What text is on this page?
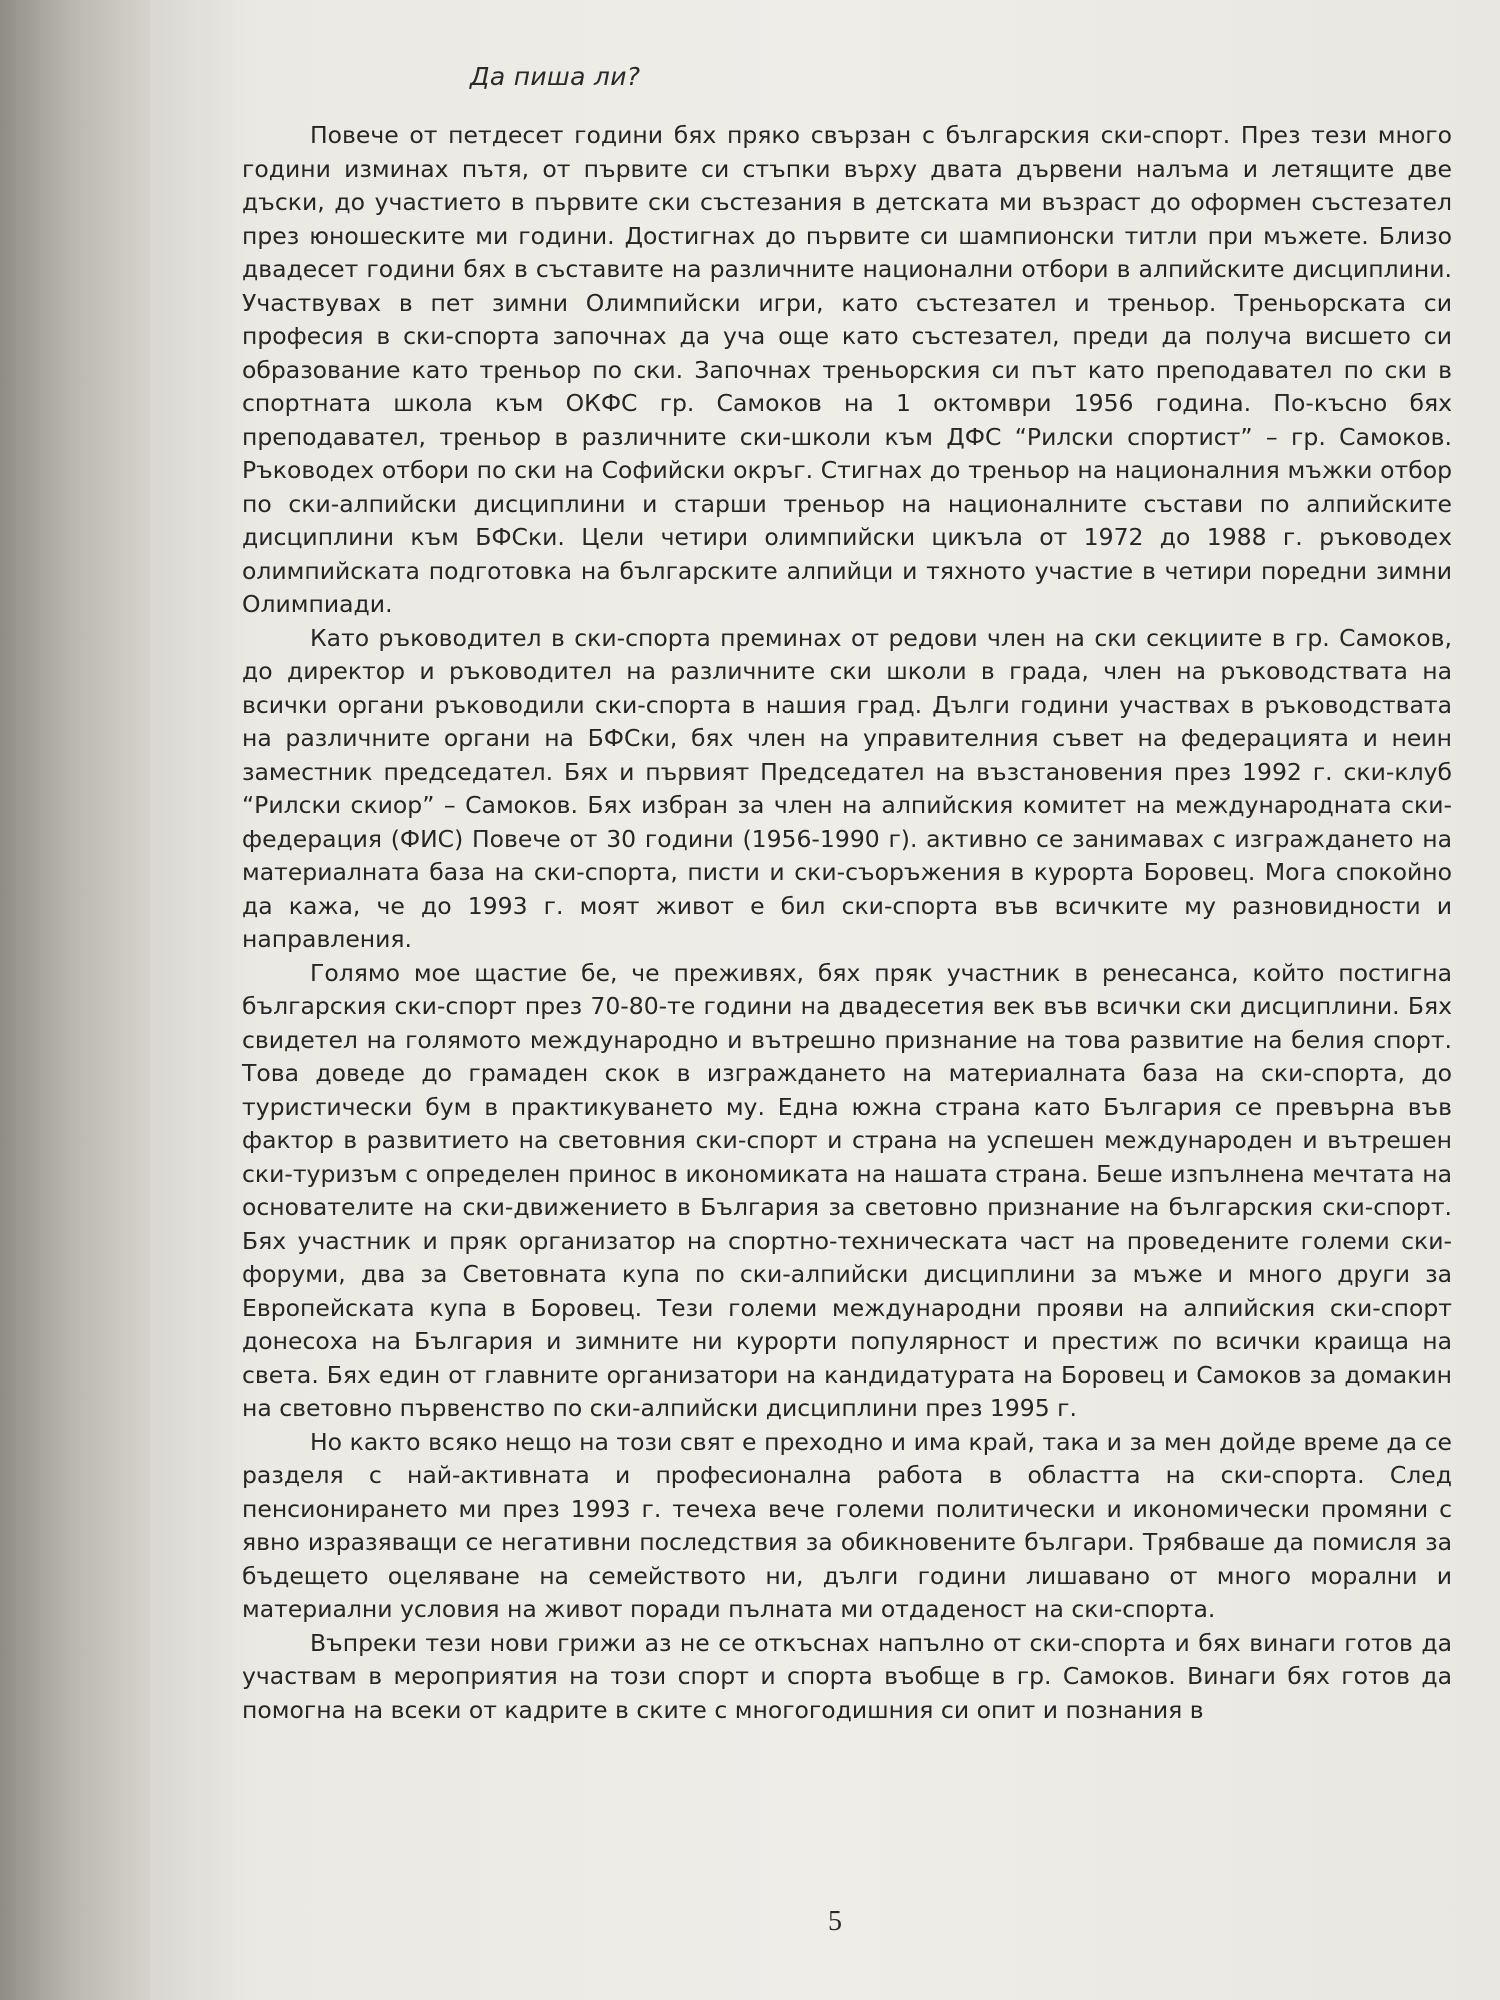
Да пиша ли?

Повече от петдесет години бях пряко свързан с българския ски-спорт. През тези много години изминах пътя, от първите си стъпки върху двата дървени налъма и летящите две дъски, до участието в първите ски състезания в детската ми възраст до оформен състезател през юношеските ми години. Достигнах до първите си шампионски титли при мъжете. Близо двадесет години бях в съставите на различните национални отбори в алпийските дисциплини. Участвувах в пет зимни Олимпийски игри, като състезател и треньор. Треньорската си професия в ски-спорта започнах да уча още като състезател, преди да получа висшето си образование като треньор по ски. Започнах треньорския си път като преподавател по ски в спортната школа към ОКФС гр. Самоков на 1 октомври 1956 година. По-късно бях преподавател, треньор в различните ски-школи към ДФС “Рилски спортист” – гр. Самоков. Ръководех отбори по ски на Софийски окръг. Стигнах до треньор на националния мъжки отбор по ски-алпийски дисциплини и старши треньор на националните състави по алпийските дисциплини към БФСки. Цели четири олимпийски цикъла от 1972 до 1988 г. ръководех олимпийската подготовка на българските алпийци и тяхното участие в четири поредни зимни Олимпиади.

Като ръководител в ски-спорта преминах от редови член на ски секциите в гр. Самоков, до директор и ръководител на различните ски школи в града, член на ръководствата на всички органи ръководили ски-спорта в нашия град. Дълги години участвах в ръководствата на различните органи на БФСки, бях член на управителния съвет на федерацията и неин заместник председател. Бях и първият Председател на възстановения през 1992 г. ски-клуб “Рилски скиор” – Самоков. Бях избран за член на алпийския комитет на международната ски-федерация (ФИС) Повече от 30 години (1956-1990 г). активно се занимавах с изграждането на материалната база на ски-спорта, писти и ски-съоръжения в курорта Боровец. Мога спокойно да кажа, че до 1993 г. моят живот е бил ски-спорта във всичките му разновидности и направления.

Голямо мое щастие бе, че преживях, бях пряк участник в ренесанса, който постигна българския ски-спорт през 70-80-те години на двадесетия век във всички ски дисциплини. Бях свидетел на голямото международно и вътрешно признание на това развитие на белия спорт. Това доведе до грамаден скок в изграждането на материалната база на ски-спорта, до туристически бум в практикуването му. Една южна страна като България се превърна във фактор в развитието на световния ски-спорт и страна на успешен международен и вътрешен ски-туризъм с определен принос в икономиката на нашата страна. Беше изпълнена мечтата на основателите на ски-движението в България за световно признание на българския ски-спорт. Бях участник и пряк организатор на спортно-техническата част на проведените големи ски-форуми, два за Световната купа по ски-алпийски дисциплини за мъже и много други за Европейската купа в Боровец. Тези големи международни прояви на алпийския ски-спорт донесоха на България и зимните ни курорти популярност и престиж по всички краища на света. Бях един от главните организатори на кандидатурата на Боровец и Самоков за домакин на световно първенство по ски-алпийски дисциплини през 1995 г.

Но както всяко нещо на този свят е преходно и има край, така и за мен дойде време да се разделя с най-активната и професионална работа в областта на ски-спорта. След пенсионирането ми през 1993 г. течеха вече големи политически и икономически промяни с явно изразяващи се негативни последствия за обикновените българи. Трябваше да помисля за бъдещето оцеляване на семейството ни, дълги години лишавано от много морални и материални условия на живот поради пълната ми отдаденост на ски-спорта.

Въпреки тези нови грижи аз не се откъснах напълно от ски-спорта и бях винаги готов да участвам в мероприятия на този спорт и спорта въобще в гр. Самоков. Винаги бях готов да помогна на всеки от кадрите в ските с многогодишния си опит и познания в

5
